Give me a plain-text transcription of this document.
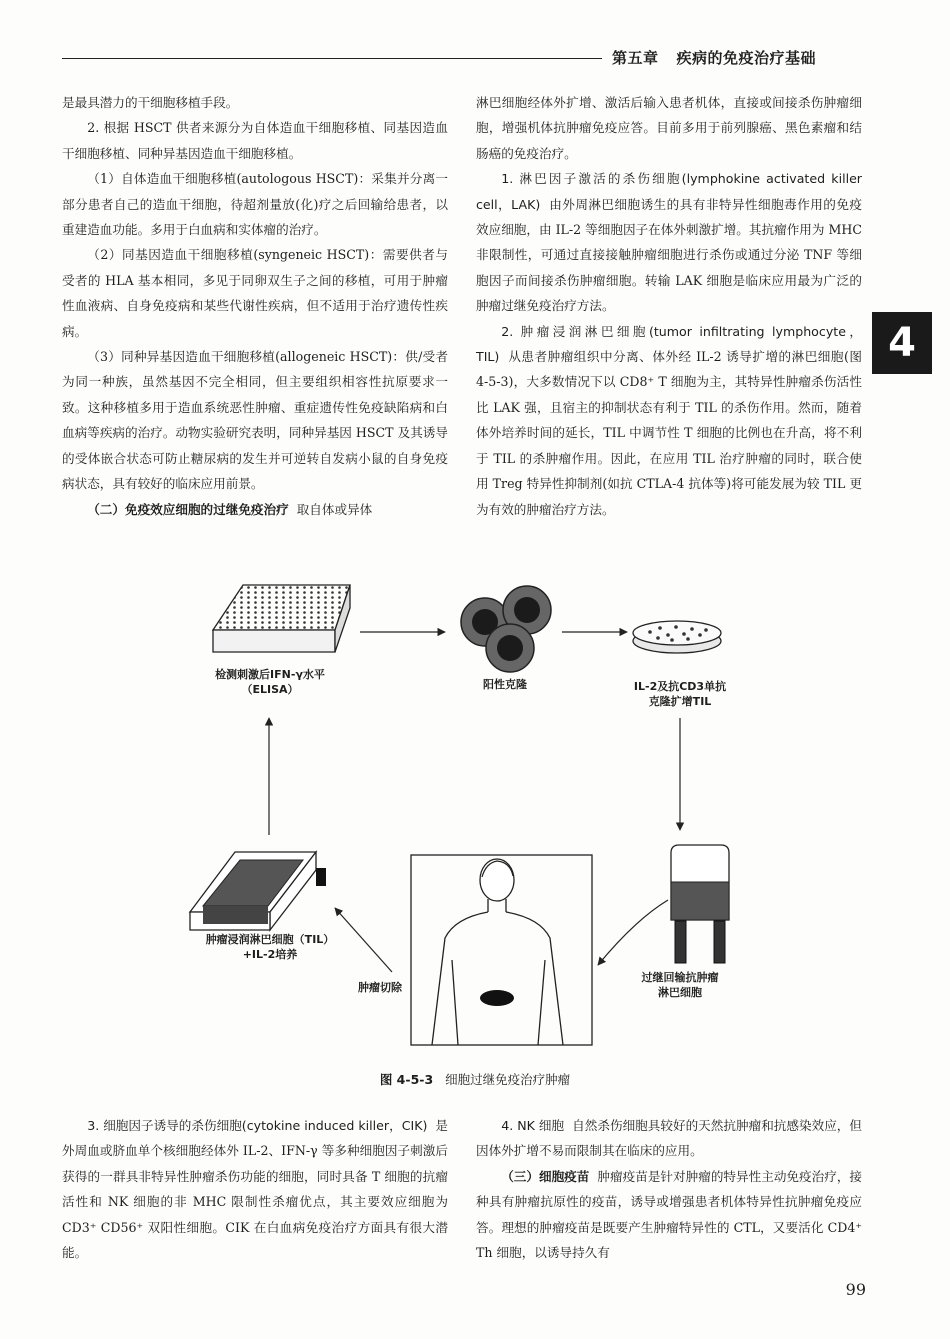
第五章 疾病的免疫治疗基础
4

是最具潜力的干细胞移植手段。

2. 根据 HSCT 供者来源分为自体造血干细胞移植、同基因造血干细胞移植、同种异基因造血干细胞移植。

（1）自体造血干细胞移植(autologous HSCT)：采集并分离一部分患者自己的造血干细胞，待超剂量放(化)疗之后回输给患者，以重建造血功能。多用于白血病和实体瘤的治疗。

（2）同基因造血干细胞移植(syngeneic HSCT)：需要供者与受者的 HLA 基本相同，多见于同卵双生子之间的移植，可用于肿瘤性血液病、自身免疫病和某些代谢性疾病，但不适用于治疗遗传性疾病。

（3）同种异基因造血干细胞移植(allogeneic HSCT)：供/受者为同一种族，虽然基因不完全相同，但主要组织相容性抗原要求一致。这种移植多用于造血系统恶性肿瘤、重症遗传性免疫缺陷病和白血病等疾病的治疗。动物实验研究表明，同种异基因 HSCT 及其诱导的受体嵌合状态可防止糖尿病的发生并可逆转自发病小鼠的自身免疫病状态，具有较好的临床应用前景。

（二）免疫效应细胞的过继免疫治疗 取自体或异体

淋巴细胞经体外扩增、激活后输入患者机体，直接或间接杀伤肿瘤细胞，增强机体抗肿瘤免疫应答。目前多用于前列腺癌、黑色素瘤和结肠癌的免疫治疗。

1. 淋巴因子激活的杀伤细胞(lymphokine activated killer cell，LAK) 由外周淋巴细胞诱生的具有非特异性细胞毒作用的免疫效应细胞，由 IL-2 等细胞因子在体外刺激扩增。其抗瘤作用为 MHC 非限制性，可通过直接接触肿瘤细胞进行杀伤或通过分泌 TNF 等细胞因子而间接杀伤肿瘤细胞。转输 LAK 细胞是临床应用最为广泛的肿瘤过继免疫治疗方法。

2. 肿瘤浸润淋巴细胞(tumor infiltrating lymphocyte，TIL) 从患者肿瘤组织中分离、体外经 IL-2 诱导扩增的淋巴细胞(图 4-5-3)，大多数情况下以 CD8⁺ T 细胞为主，其特异性肿瘤杀伤活性比 LAK 强，且宿主的抑制状态有利于 TIL 的杀伤作用。然而，随着体外培养时间的延长，TIL 中调节性 T 细胞的比例也在升高，将不利于 TIL 的杀肿瘤作用。因此，在应用 TIL 治疗肿瘤的同时，联合使用 Treg 特异性抑制剂(如抗 CTLA-4 抗体等)将可能发展为较 TIL 更为有效的肿瘤治疗方法。

检测刺激后IFN-γ水平
（ELISA）	阳性克隆	IL-2及抗CD3单抗
克隆扩增TIL
肿瘤浸润淋巴细胞（TIL）
+IL-2培养
肿瘤切除
过继回输抗肿瘤
淋巴细胞
图 4-5-3 细胞过继免疫治疗肿瘤

3. 细胞因子诱导的杀伤细胞(cytokine induced killer，CIK) 是外周血或脐血单个核细胞经体外 IL-2、IFN-γ 等多种细胞因子刺激后获得的一群具非特异性肿瘤杀伤功能的细胞，同时具备 T 细胞的抗瘤活性和 NK 细胞的非 MHC 限制性杀瘤优点，其主要效应细胞为 CD3⁺ CD56⁺ 双阳性细胞。CIK 在白血病免疫治疗方面具有很大潜能。

4. NK 细胞 自然杀伤细胞具较好的天然抗肿瘤和抗感染效应，但因体外扩增不易而限制其在临床的应用。

（三）细胞疫苗 肿瘤疫苗是针对肿瘤的特异性主动免疫治疗，接种具有肿瘤抗原性的疫苗，诱导或增强患者机体特异性抗肿瘤免疫应答。理想的肿瘤疫苗是既要产生肿瘤特异性的 CTL，又要活化 CD4⁺ Th 细胞，以诱导持久有

99
